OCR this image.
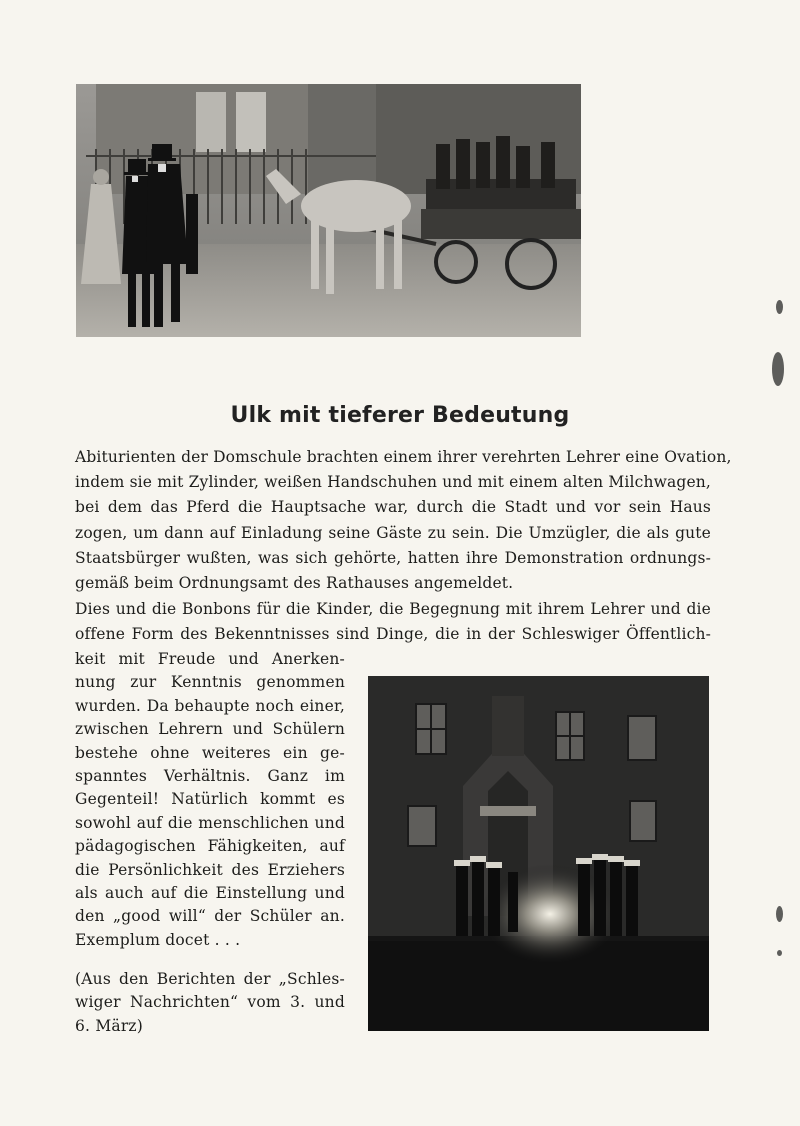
Ulk mit tieferer Bedeutung
Abiturienten der Domschule brachten einem ihrer verehrten Lehrer eine Ovation,
indem sie mit Zylinder, weißen Handschuhen und mit einem alten Milchwagen,
bei dem das Pferd die Hauptsache war, durch die Stadt und vor sein Haus
zogen, um dann auf Einladung seine Gäste zu sein. Die Umzügler, die als gute
Staatsbürger wußten, was sich gehörte, hatten ihre Demonstration ordnungs-
gemäß beim Ordnungsamt des Rathauses angemeldet.
Dies und die Bonbons für die Kinder, die Begegnung mit ihrem Lehrer und die
offene Form des Bekenntnisses sind Dinge, die in der Schleswiger Öffentlich-
keit mit Freude und Anerken-
nung zur Kenntnis genommen
wurden. Da behaupte noch einer,
zwischen Lehrern und Schülern
bestehe ohne weiteres ein ge-
spanntes Verhältnis. Ganz im
Gegenteil! Natürlich kommt es
sowohl auf die menschlichen und
pädagogischen Fähigkeiten, auf
die Persönlichkeit des Erziehers
als auch auf die Einstellung und
den „good will“ der Schüler an.
Exemplum docet . . .
(Aus den Berichten der „Schles-
wiger Nachrichten“ vom 3. und
6. März)
